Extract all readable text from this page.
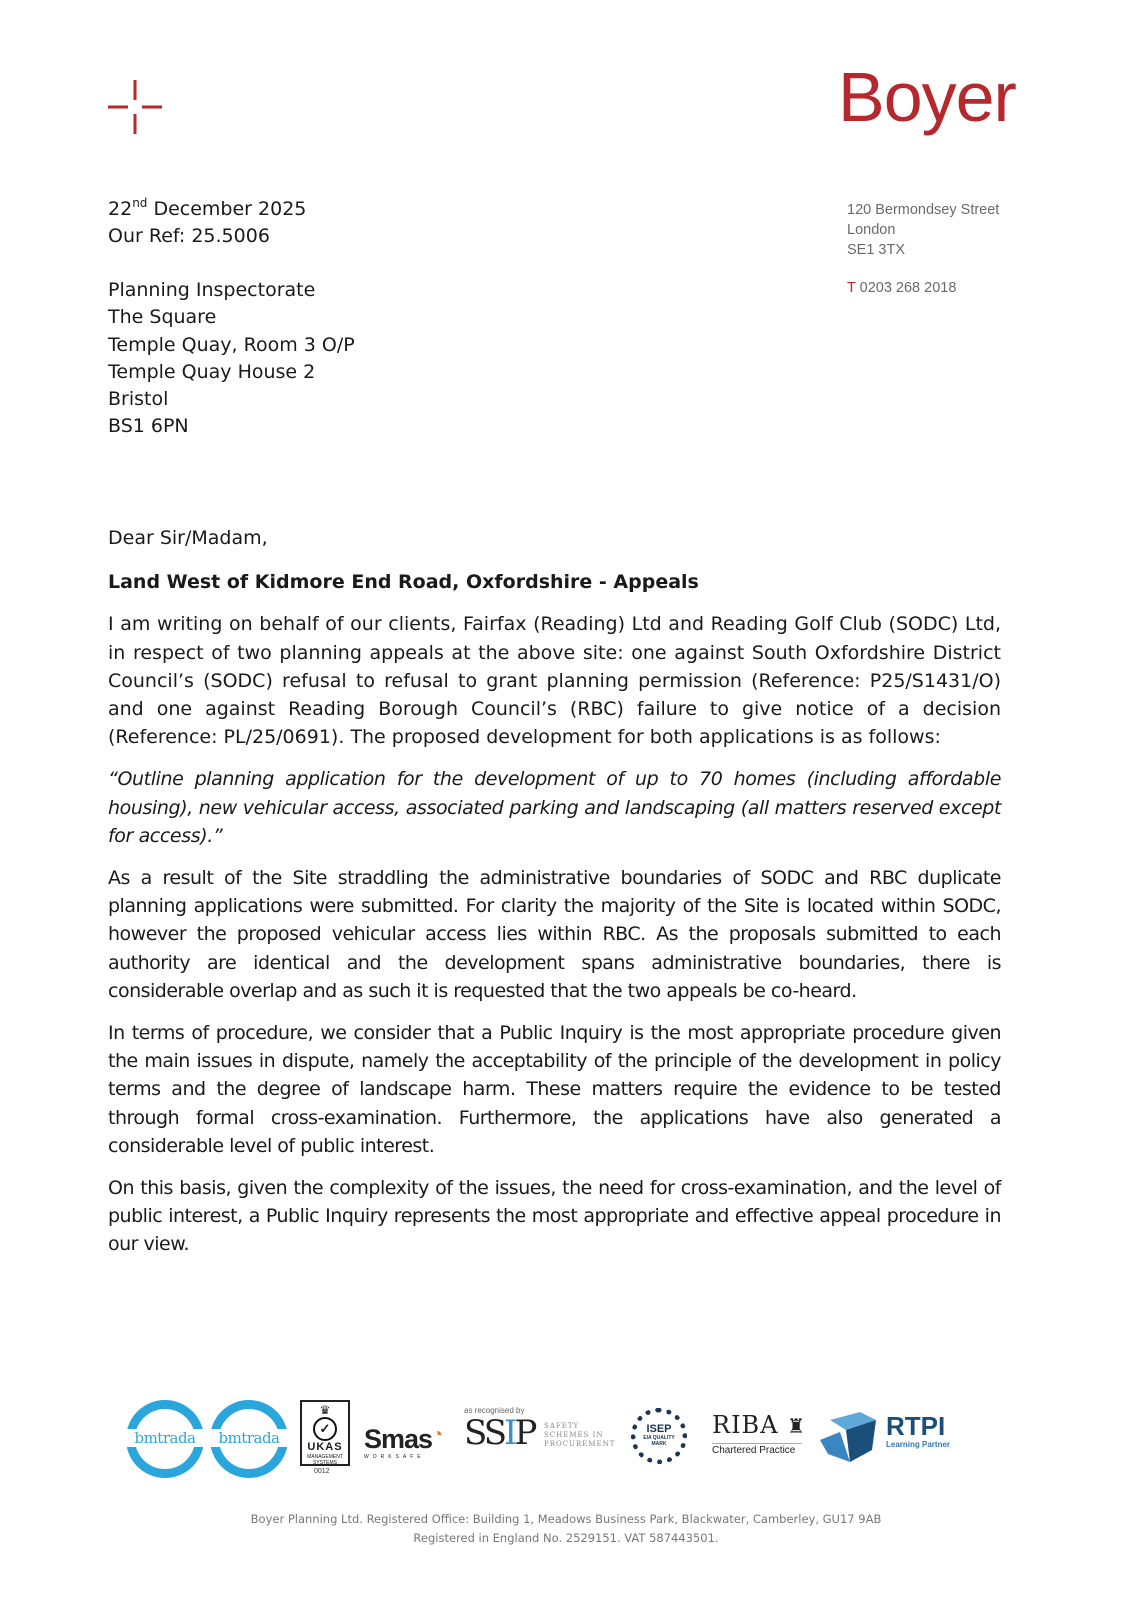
Boyer
120 Bermondsey Street
London
SE1 3TX
T 0203 268 2018
22nd December 2025
Our Ref: 25.5006
Planning Inspectorate
The Square
Temple Quay, Room 3 O/P
Temple Quay House 2
Bristol
BS1 6PN

Dear Sir/Madam,

Land West of Kidmore End Road, Oxfordshire - Appeals

I am writing on behalf of our clients, Fairfax (Reading) Ltd and Reading Golf Club (SODC) Ltd, in respect of two planning appeals at the above site: one against South Oxfordshire District Council’s (SODC) refusal to refusal to grant planning permission (Reference: P25/S1431/O) and one against Reading Borough Council’s (RBC) failure to give notice of a decision (Reference: PL/25/0691). The proposed development for both applications is as follows:

“Outline planning application for the development of up to 70 homes (including affordable housing), new vehicular access, associated parking and landscaping (all matters reserved except for access).”

As a result of the Site straddling the administrative boundaries of SODC and RBC duplicate planning applications were submitted. For clarity the majority of the Site is located within SODC, however the proposed vehicular access lies within RBC. As the proposals submitted to each authority are identical and the development spans administrative boundaries, there is considerable overlap and as such it is requested that the two appeals be co-heard.

In terms of procedure, we consider that a Public Inquiry is the most appropriate procedure given the main issues in dispute, namely the acceptability of the principle of the development in policy terms and the degree of landscape harm. These matters require the evidence to be tested through formal cross-examination. Furthermore, the applications have also generated a considerable level of public interest.

On this basis, given the complexity of the issues, the need for cross-examination, and the level of public interest, a Public Inquiry represents the most appropriate and effective appeal procedure in our view.

bmtrada	bmtrada
♛
✓
UKAS
MANAGEMENT SYSTEMS
0012
Smas◔
WORKSAFE
as recognised by
SSIP SAFETY SCHEMES IN PROCUREMENT
ISEP
EIA QUALITY MARK
RIBA ♜
Chartered Practice
RTPI
Learning Partner
Boyer Planning Ltd. Registered Office: Building 1, Meadows Business Park, Blackwater, Camberley, GU17 9AB
Registered in England No. 2529151. VAT 587443501.
